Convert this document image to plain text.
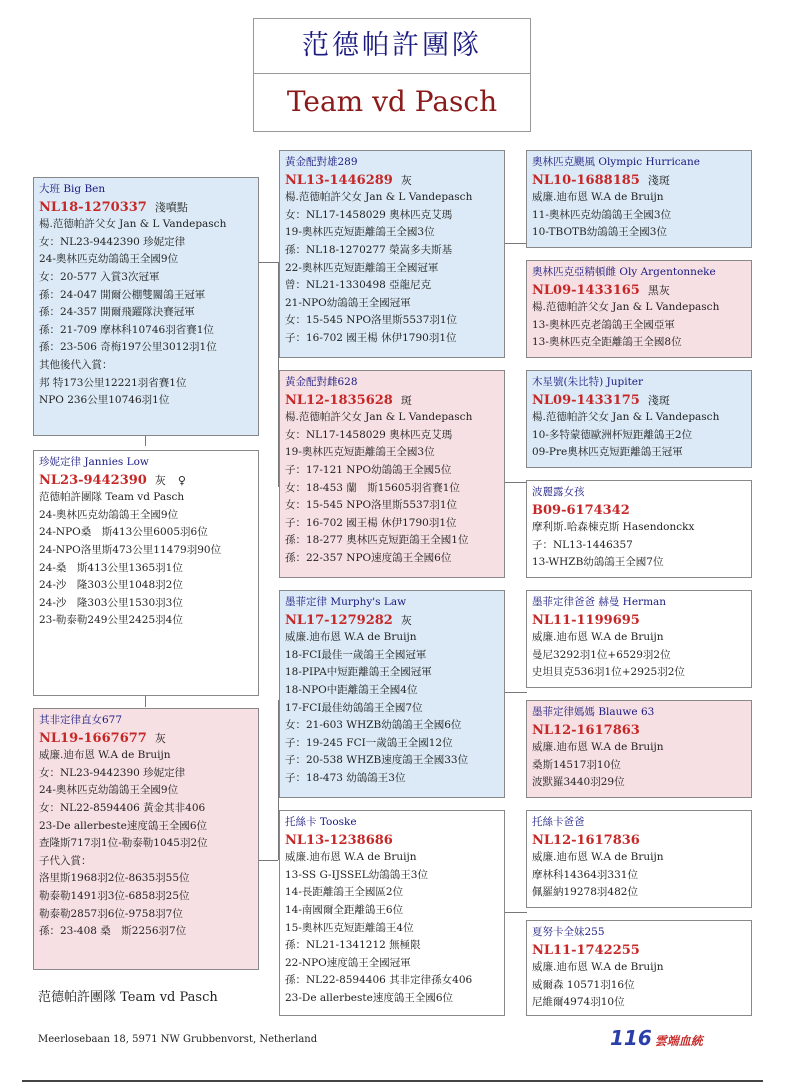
范德帕許團隊
Team vd Pasch
大班 Big Ben
NL18-1270337 淺噴點
楊.范德帕許父女 Jan & L Vandepasch
女：NL23-9442390 珍妮定律
24-奧林匹克幼鴿鴿王全國9位
女：20-577 入賞3次冠軍
孫：24-047 開爾公棚雙關鴿王冠軍
孫：24-357 開爾飛躍隊決賽冠軍
孫：21-709 摩林科10746羽省賽1位
孫：23-506 奇梅197公里3012羽1位
其他後代入賞：
邦 特173公里12221羽省賽1位
NPO 236公里10746羽1位
珍妮定律 Jannies Low
NL23-9442390 灰 ♀
范德帕許團隊 Team vd Pasch
24-奧林匹克幼鴿鴿王全國9位
24-NPO桑　斯413公里6005羽6位
24-NPO洛里斯473公里11479羽90位
24-桑　斯413公里1365羽1位
24-沙　隆303公里1048羽2位
24-沙　隆303公里1530羽3位
23-勒泰勒249公里2425羽4位
其非定律直女677
NL19-1667677 灰
威廉.迪布恩 W.A de Bruijn
女：NL23-9442390 珍妮定律
24-奧林匹克幼鴿鴿王全國9位
女：NL22-8594406 黃金其非406
23-De allerbeste速度鴿王全國6位
查隆斯717羽1位-勒泰勒1045羽2位
子代入賞：
洛里斯1968羽2位-8635羽55位
勒泰勒1491羽3位-6858羽25位
勒泰勒2857羽6位-9758羽7位
孫：23-408 桑　斯2256羽7位
黃金配對雄289
NL13-1446289 灰
楊.范德帕許父女 Jan & L Vandepasch
女：NL17-1458029 奧林匹克艾瑪
19-奧林匹克短距離鴿王全國3位
孫：NL18-1270277 榮嵩多夫斯基
22-奧林匹克短距離鴿王全國冠軍
曾：NL21-1330498 亞龍尼克
21-NPO幼鴿鴿王全國冠軍
女：15-545 NPO洛里斯5537羽1位
子：16-702 國王楊 休伊1790羽1位
黃金配對雌628
NL12-1835628 斑
楊.范德帕許父女 Jan & L Vandepasch
女：NL17-1458029 奧林匹克艾瑪
19-奧林匹克短距離鴿王全國3位
子：17-121 NPO幼鴿鴿王全國5位
女：18-453 蘭　斯15605羽省賽1位
女：15-545 NPO洛里斯5537羽1位
子：16-702 國王楊 休伊1790羽1位
孫：18-277 奧林匹克短距鴿王全國1位
孫：22-357 NPO速度鴿王全國6位
墨菲定律 Murphy's Law
NL17-1279282 灰
威廉.迪布恩 W.A de Bruijn
18-FCI最佳一歲鴿王全國冠軍
18-PIPA中短距離鴿王全國冠軍
18-NPO中距離鴿王全國4位
17-FCI最佳幼鴿鴿王全國7位
女：21-603 WHZB幼鴿鴿王全國6位
子：19-245 FCI一歲鴿王全國12位
子：20-538 WHZB速度鴿王全國33位
子：18-473 幼鴿鴿王3位
托絲卡 Tooske
NL13-1238686
威廉.迪布恩 W.A de Bruijn
13-SS G-IJSSEL幼鴿鴿王3位
14-長距離鴿王全國區2位
14-南國爾全距離鴿王6位
15-奧林匹克短距離鴿王4位
孫：NL21-1341212 無極限
22-NPO速度鴿王全國冠軍
孫：NL22-8594406 其非定律孫女406
23-De allerbeste速度鴿王全國6位
奧林匹克颶風 Olympic Hurricane
NL10-1688185 淺斑
威廉.迪布恩 W.A de Bruijn
11-奧林匹克幼鴿鴿王全國3位
10-TBOTB幼鴿鴿王全國3位
奧林匹克亞精頓雌 Oly Argentonneke
NL09-1433165 黑灰
楊.范德帕許父女 Jan & L Vandepasch
13-奧林匹克老鴿鴿王全國亞軍
13-奧林匹克全距離鴿王全國8位
木星號(朱比特) Jupiter
NL09-1433175 淺斑
楊.范德帕許父女 Jan & L Vandepasch
10-多特蒙德歐洲杯短距離鴿王2位
09-Pre奧林匹克短距離鴿王冠軍
波麗露女孩
B09-6174342
摩利斯.哈森棟克斯 Hasendonckx
子：NL13-1446357
13-WHZB幼鴿鴿王全國7位
墨菲定律爸爸 赫曼 Herman
NL11-1199695
威廉.迪布恩 W.A de Bruijn
曼尼3292羽1位+6529羽2位
史坦貝克536羽1位+2925羽2位
墨菲定律媽媽 Blauwe 63
NL12-1617863
威廉.迪布恩 W.A de Bruijn
桑斯14517羽10位
波默羅3440羽29位
托絲卡爸爸
NL12-1617836
威廉.迪布恩 W.A de Bruijn
摩林科14364羽331位
佩羅納19278羽482位
夏努卡全妹255
NL11-1742255
威廉.迪布恩 W.A de Bruijn
威爾森 10571羽16位
尼維爾4974羽10位
范德帕許團隊 Team vd Pasch
Meerlosebaan 18, 5971 NW Grubbenvorst, Netherland	116 雲端血統
